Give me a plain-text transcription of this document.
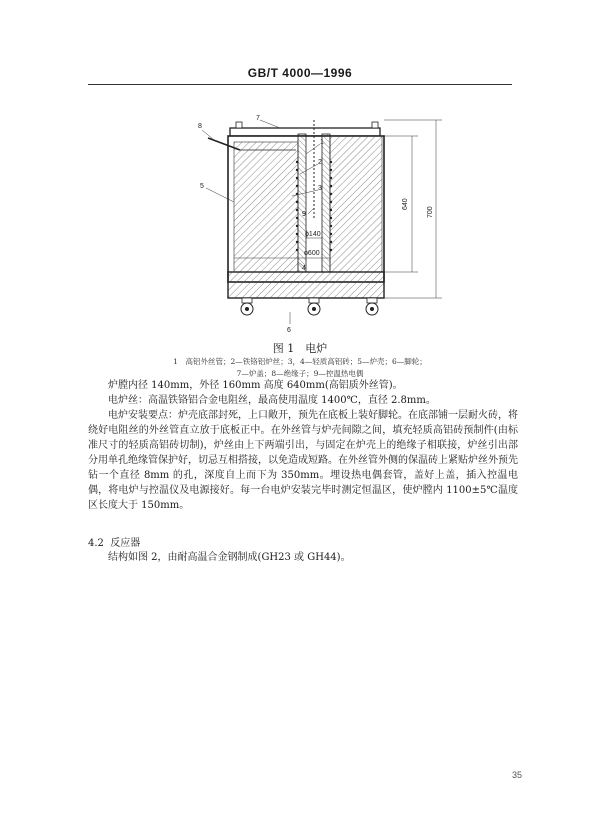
GB/T 4000—1996
640
700
ϕ140
ϕ600
7
8
1
2
3
5
9
4
6
图 1　电炉
1　高铝外丝管；2—铁铬铝炉丝；3，4—轻质高铝砖；5—炉壳；6—脚轮；
7—炉盖；8—绝缘子；9—控温热电偶

炉膛内径 140mm，外径 160mm 高度 640mm(高铝质外丝管)。

电炉丝：高温铁铬铝合金电阻丝，最高使用温度 1400℃，直径 2.8mm。

电炉安装要点：炉壳底部封死，上口敞开，预先在底板上装好脚轮。在底部铺一层耐火砖，将绕好电阻丝的外丝管直立放于底板正中。在外丝管与炉壳间隙之间，填充轻质高铝砖预制件(由标准尺寸的轻质高铝砖切制)，炉丝由上下两端引出，与固定在炉壳上的绝缘子相联接，炉丝引出部分用单孔绝缘管保护好，切忌互相搭接，以免造成短路。在外丝管外侧的保温砖上紧贴炉丝外预先钻一个直径 8mm 的孔，深度自上而下为 350mm。埋设热电偶套管，盖好上盖，插入控温电偶，将电炉与控温仪及电源接好。每一台电炉安装完毕时测定恒温区，使炉膛内 1100±5℃温度区长度大于 150mm。

4.2 反应器

结构如图 2，由耐高温合金钢制成(GH23 或 GH44)。

35
